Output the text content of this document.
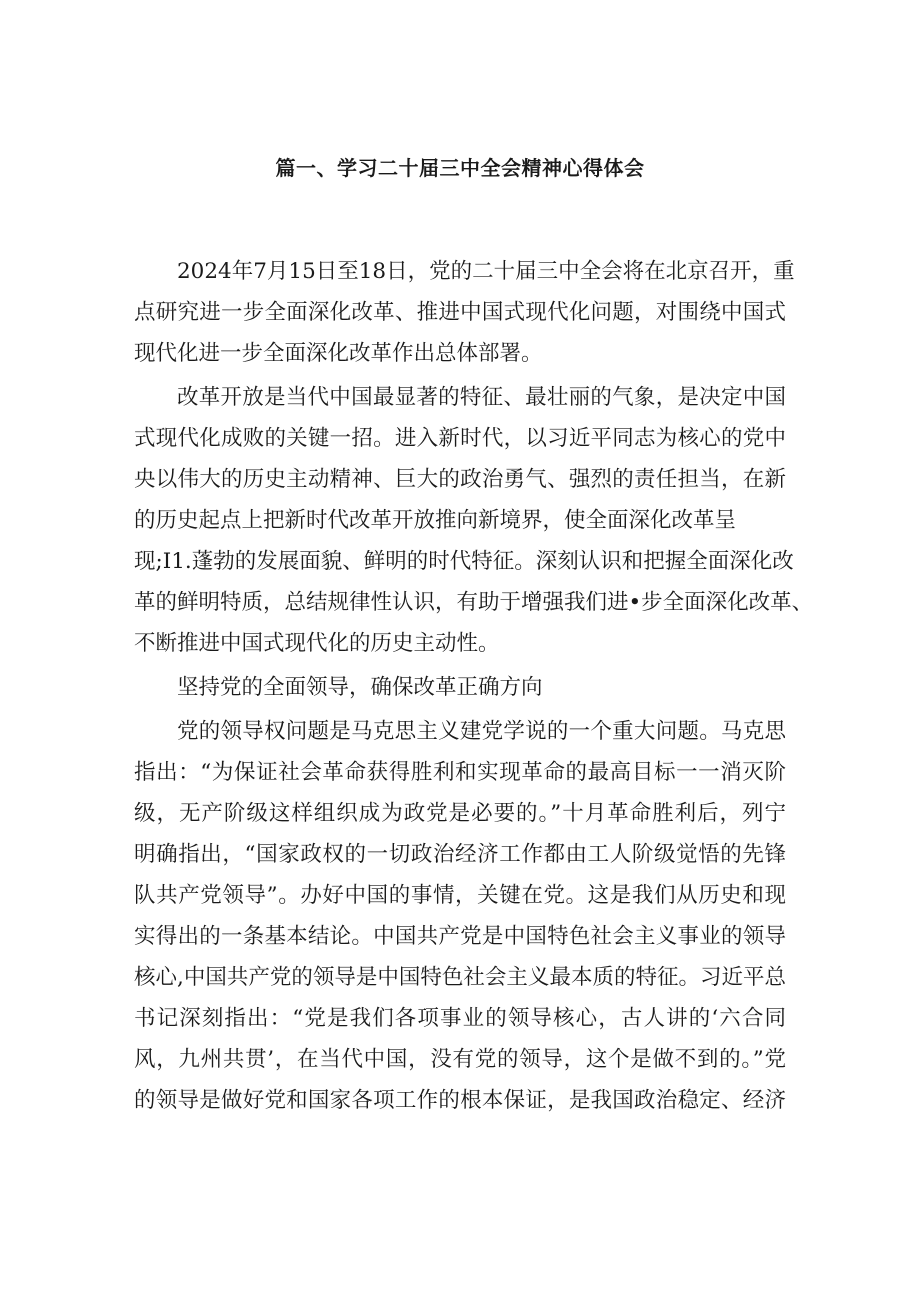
篇一、学习二十届三中全会精神心得体会

2024年7月15日至18日，党的二十届三中全会将在北京召开，重
点研究进一步全面深化改革、推进中国式现代化问题，对围绕中国式
现代化进一步全面深化改革作出总体部署。

改革开放是当代中国最显著的特征、最壮丽的气象，是决定中国
式现代化成败的关键一招。进入新时代，以习近平同志为核心的党中
央以伟大的历史主动精神、巨大的政治勇气、强烈的责任担当，在新
的历史起点上把新时代改革开放推向新境界，使全面深化改革呈
现;I1.蓬勃的发展面貌、鲜明的时代特征。深刻认识和把握全面深化改
革的鲜明特质，总结规律性认识，有助于增强我们进•步全面深化改革、
不断推进中国式现代化的历史主动性。

坚持党的全面领导，确保改革正确方向

党的领导权问题是马克思主义建党学说的一个重大问题。马克思
指出：“为保证社会革命获得胜利和实现革命的最高目标一一消灭阶
级，无产阶级这样组织成为政党是必要的。”十月革命胜利后，列宁
明确指出，“国家政权的一切政治经济工作都由工人阶级觉悟的先锋
队共产党领导”。办好中国的事情，关键在党。这是我们从历史和现
实得出的一条基本结论。中国共产党是中国特色社会主义事业的领导
核心,中国共产党的领导是中国特色社会主义最本质的特征。习近平总
书记深刻指出：“党是我们各项事业的领导核心，古人讲的‘六合同
风，九州共贯’，在当代中国，没有党的领导，这个是做不到的。”党
的领导是做好党和国家各项工作的根本保证，是我国政治稳定、经济
